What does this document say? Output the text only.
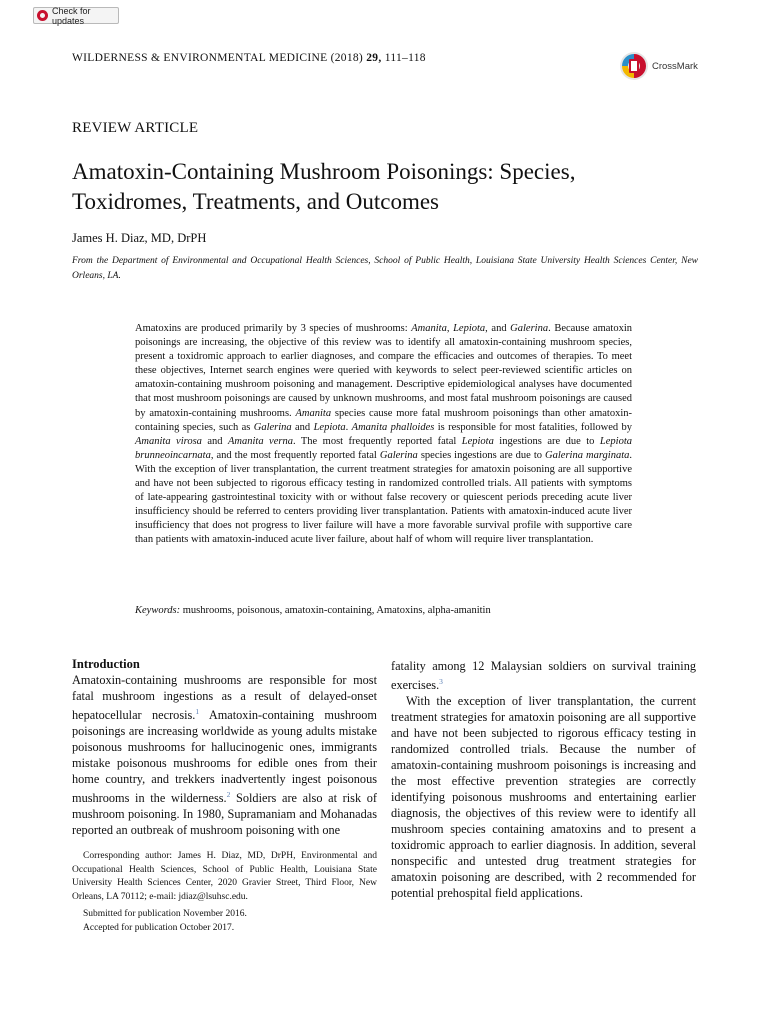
Check for updates
WILDERNESS & ENVIRONMENTAL MEDICINE (2018) 29, 111–118
CrossMark
REVIEW ARTICLE
Amatoxin-Containing Mushroom Poisonings: Species,
Toxidromes, Treatments, and Outcomes
James H. Diaz, MD, DrPH
From the Department of Environmental and Occupational Health Sciences, School of Public Health, Louisiana State University Health Sciences Center, New Orleans, LA.

Amatoxins are produced primarily by 3 species of mushrooms: Amanita, Lepiota, and Galerina. Because amatoxin poisonings are increasing, the objective of this review was to identify all amatoxin-containing mushroom species, present a toxidromic approach to earlier diagnoses, and compare the efficacies and outcomes of therapies. To meet these objectives, Internet search engines were queried with keywords to select peer-reviewed scientific articles on amatoxin-containing mushroom poisoning and management. Descriptive epidemiological analyses have documented that most mushroom poisonings are caused by unknown mushrooms, and most fatal mushroom poisonings are caused by amatoxin-containing mushrooms. Amanita species cause more fatal mushroom poisonings than other amatoxin-containing species, such as Galerina and Lepiota. Amanita phalloides is responsible for most fatalities, followed by Amanita virosa and Amanita verna. The most frequently reported fatal Lepiota ingestions are due to Lepiota brunneoincarnata, and the most frequently reported fatal Galerina species ingestions are due to Galerina marginata. With the exception of liver transplantation, the current treatment strategies for amatoxin poisoning are all supportive and have not been subjected to rigorous efficacy testing in randomized controlled trials. All patients with symptoms of late-appearing gastrointestinal toxicity with or without false recovery or quiescent periods preceding acute liver insufficiency should be referred to centers providing liver transplantation. Patients with amatoxin-induced acute liver insufficiency that does not progress to liver failure will have a more favorable survival profile with supportive care than patients with amatoxin-induced acute liver failure, about half of whom will require liver transplantation.

Keywords: mushrooms, poisonous, amatoxin-containing, Amatoxins, alpha-amanitin

Introduction

Amatoxin-containing mushrooms are responsible for most fatal mushroom ingestions as a result of delayed-onset hepatocellular necrosis.$^1$ Amatoxin-containing mushroom poisonings are increasing worldwide as young adults mistake poisonous mushrooms for hallucinogenic ones, immigrants mistake poisonous mushrooms for edible ones from their home country, and trekkers inadvertently ingest poisonous mushrooms in the wilderness.$^2$ Soldiers are also at risk of mushroom poisoning. In 1980, Supramaniam and Mohanadas reported an outbreak of mushroom poisoning with one

Corresponding author: James H. Diaz, MD, DrPH, Environmental and Occupational Health Sciences, School of Public Health, Louisiana State University Health Sciences Center, 2020 Gravier Street, Third Floor, New Orleans, LA 70112; e-mail: jdiaz@lsuhsc.edu.

Submitted for publication November 2016.

Accepted for publication October 2017.

fatality among 12 Malaysian soldiers on survival training exercises.$^3$

With the exception of liver transplantation, the current treatment strategies for amatoxin poisoning are all supportive and have not been subjected to rigorous efficacy testing in randomized controlled trials. Because the number of amatoxin-containing mushroom poisonings is increasing and the most effective prevention strategies are correctly identifying poisonous mushrooms and entertaining earlier diagnosis, the objectives of this review were to identify all mushroom species containing amatoxins and to present a toxidromic approach to earlier diagnosis. In addition, several nonspecific and untested drug treatment strategies for amatoxin poisoning are described, with 2 recommended for potential prehospital field applications.
